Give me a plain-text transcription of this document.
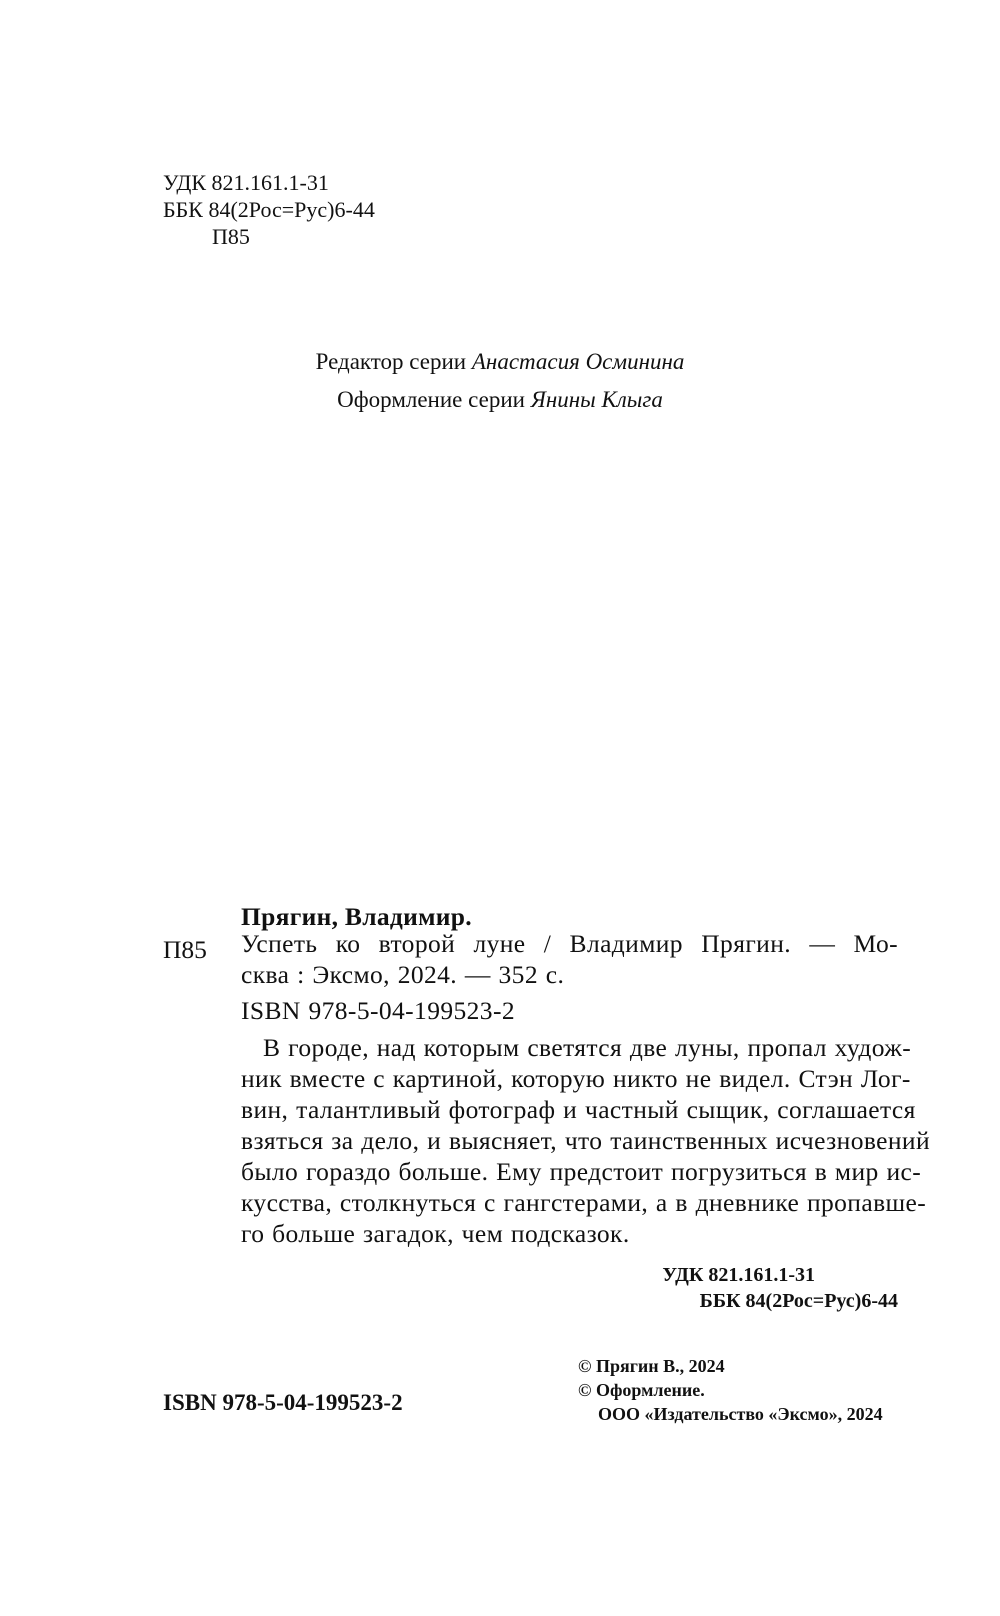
УДК 821.161.1-31
ББК 84(2Рос=Рус)6-44
П85
Редактор серии Анастасия Осминина
Оформление серии Янины Клыга
Прягин, Владимир.
П85 Успеть ко второй луне / Владимир Прягин. — Мо-
сква : Эксмо, 2024. — 352 с.
ISBN 978-5-04-199523-2
В городе, над которым светятся две луны, пропал худож-
ник вместе с картиной, которую никто не видел. Стэн Лог-
вин, талантливый фотограф и частный сыщик, соглашается
взяться за дело, и выясняет, что таинственных исчезновений
было гораздо больше. Ему предстоит погрузиться в мир ис-
кусства, столкнуться с гангстерами, а в дневнике пропавше-
го больше загадок, чем подсказок.
УДК 821.161.1-31
ББК 84(2Рос=Рус)6-44
ISBN 978-5-04-199523-2
© Прягин В., 2024
© Оформление.
ООО «Издательство «Эксмо», 2024
